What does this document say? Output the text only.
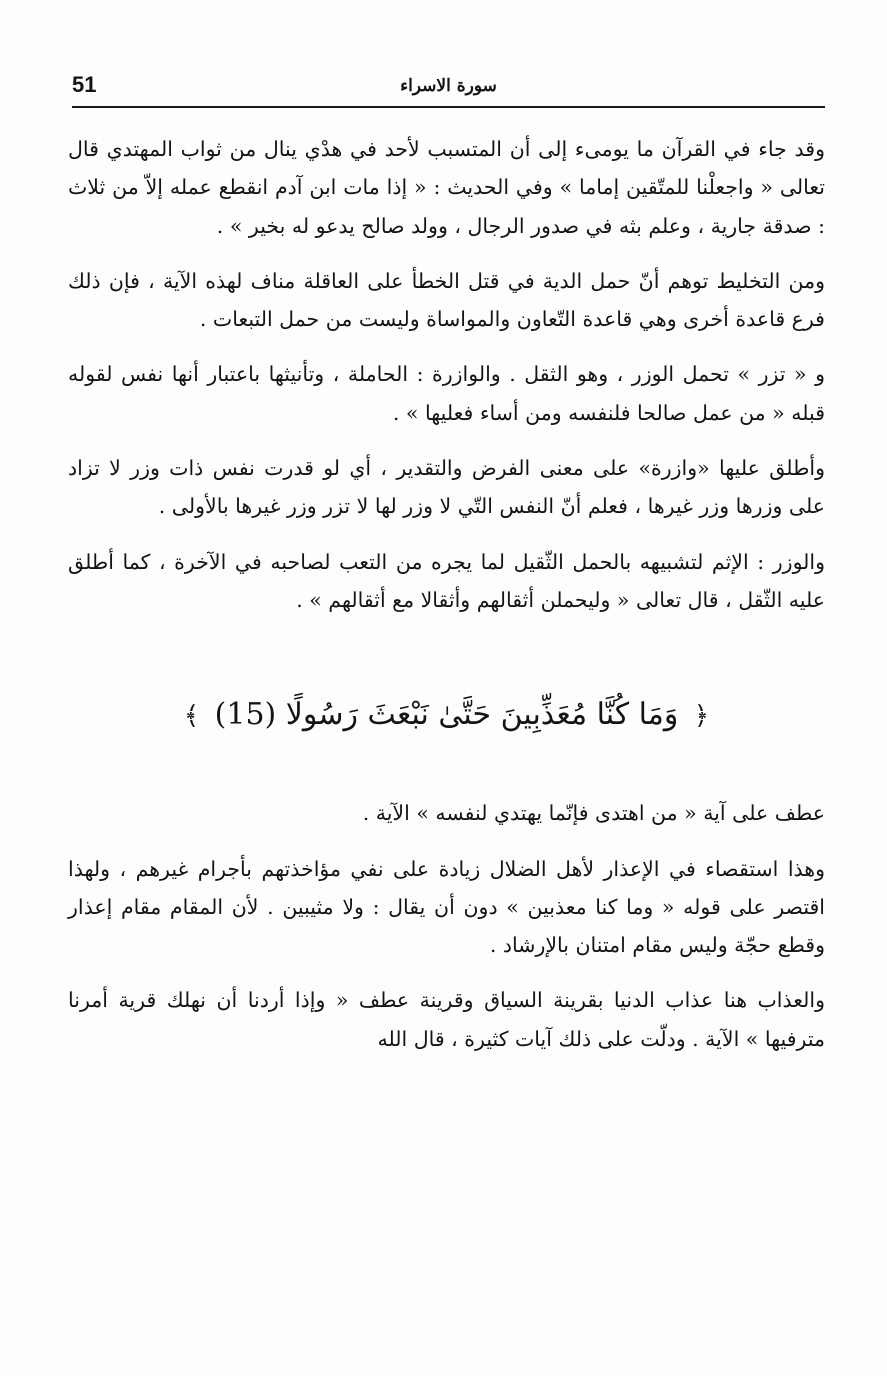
51	سورة الاسراء

وقد جاء في القرآن ما يومىء إلى أن المتسبب لأحد في هدْي ينال من ثواب المهتدي قال تعالى « واجعلْنا للمتّقين إماما » وفي الحديث : « إذا مات ابن آدم انقطع عمله إلاّ من ثلاث : صدقة جارية ، وعلم بثه في صدور الرجال ، وولد صالح يدعو له بخير » .

ومن التخليط توهم أنّ حمل الدية في قتل الخطأ على العاقلة مناف لهذه الآية ، فإن ذلك فرع قاعدة أخرى وهي قاعدة التّعاون والمواساة وليست من حمل التبعات .

و « تزر » تحمل الوزر ، وهو الثقل . والوازرة : الحاملة ، وتأنيثها باعتبار أنها نفس لقوله قبله « من عمل صالحا فلنفسه ومن أساء فعليها » .

وأطلق عليها «وازرة» على معنى الفرض والتقدير ، أي لو قدرت نفس ذات وزر لا تزاد على وزرها وزر غيرها ، فعلم أنّ النفس التّي لا وزر لها لا تزر وزر غيرها بالأولى .

والوزر : الإثم لتشبيهه بالحمل الثّقيل لما يجره من التعب لصاحبه في الآخرة ، كما أطلق عليه الثّقل ، قال تعالى « وليحملن أثقالهم وأثقالا مع أثقالهم » .

﴿ وَمَا كُنَّا مُعَذِّبِينَ حَتَّىٰ نَبْعَثَ رَسُولًا (15) ﴾

عطف على آية « من اهتدى فإنّما يهتدي لنفسه » الآية .

وهذا استقصاء في الإعذار لأهل الضلال زيادة على نفي مؤاخذتهم بأجرام غيرهم ، ولهذا اقتصر على قوله « وما كنا معذبين » دون أن يقال : ولا مثيبين . لأن المقام مقام إعذار وقطع حجّة وليس مقام امتنان بالإرشاد .

والعذاب هنا عذاب الدنيا بقرينة السياق وقرينة عطف « وإذا أردنا أن نهلك قرية أمرنا مترفيها » الآية . ودلّت على ذلك آيات كثيرة ، قال الله
